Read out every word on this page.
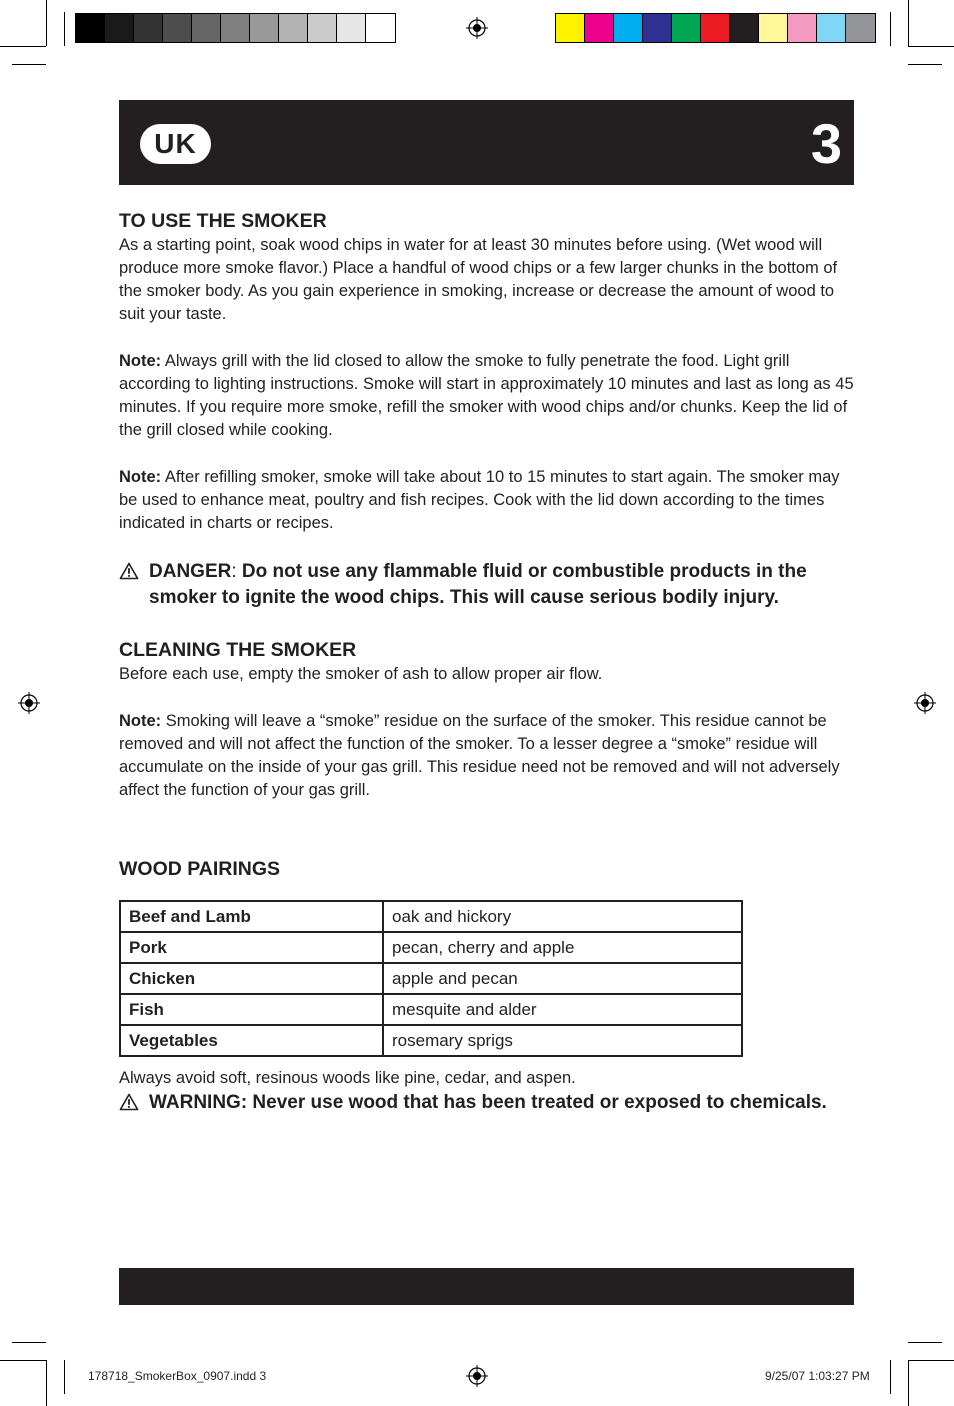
UK	3
TO USE THE SMOKER

As a starting point, soak wood chips in water for at least 30 minutes before using. (Wet wood will produce more smoke flavor.) Place a handful of wood chips or a few larger chunks in the bottom of the smoker body. As you gain experience in smoking, increase or decrease the amount of wood to suit your taste.

Note: Always grill with the lid closed to allow the smoke to fully penetrate the food. Light grill according to lighting instructions. Smoke will start in approximately 10 minutes and last as long as 45 minutes. If you require more smoke, refill the smoker with wood chips and/or chunks. Keep the lid of the grill closed while cooking.

Note: After refilling smoker, smoke will take about 10 to 15 minutes to start again. The smoker may be used to enhance meat, poultry and fish recipes. Cook with the lid down according to the times indicated in charts or recipes.

DANGER: Do not use any flammable fluid or combustible products in the smoker to ignite the wood chips. This will cause serious bodily injury.
CLEANING THE SMOKER

Before each use, empty the smoker of ash to allow proper air flow.

Note: Smoking will leave a “smoke” residue on the surface of the smoker. This residue cannot be removed and will not affect the function of the smoker. To a lesser degree a “smoke” residue will accumulate on the inside of your gas grill. This residue need not be removed and will not adversely affect the function of your gas grill.

WOOD PAIRINGS
Beef and Lamb	oak and hickory
Pork	pecan, cherry and apple
Chicken	apple and pecan
Fish	mesquite and alder
Vegetables	rosemary sprigs

Always avoid soft, resinous woods like pine, cedar, and aspen.

WARNING: Never use wood that has been treated or exposed to chemicals.
178718_SmokerBox_0907.indd 3	9/25/07 1:03:27 PM
